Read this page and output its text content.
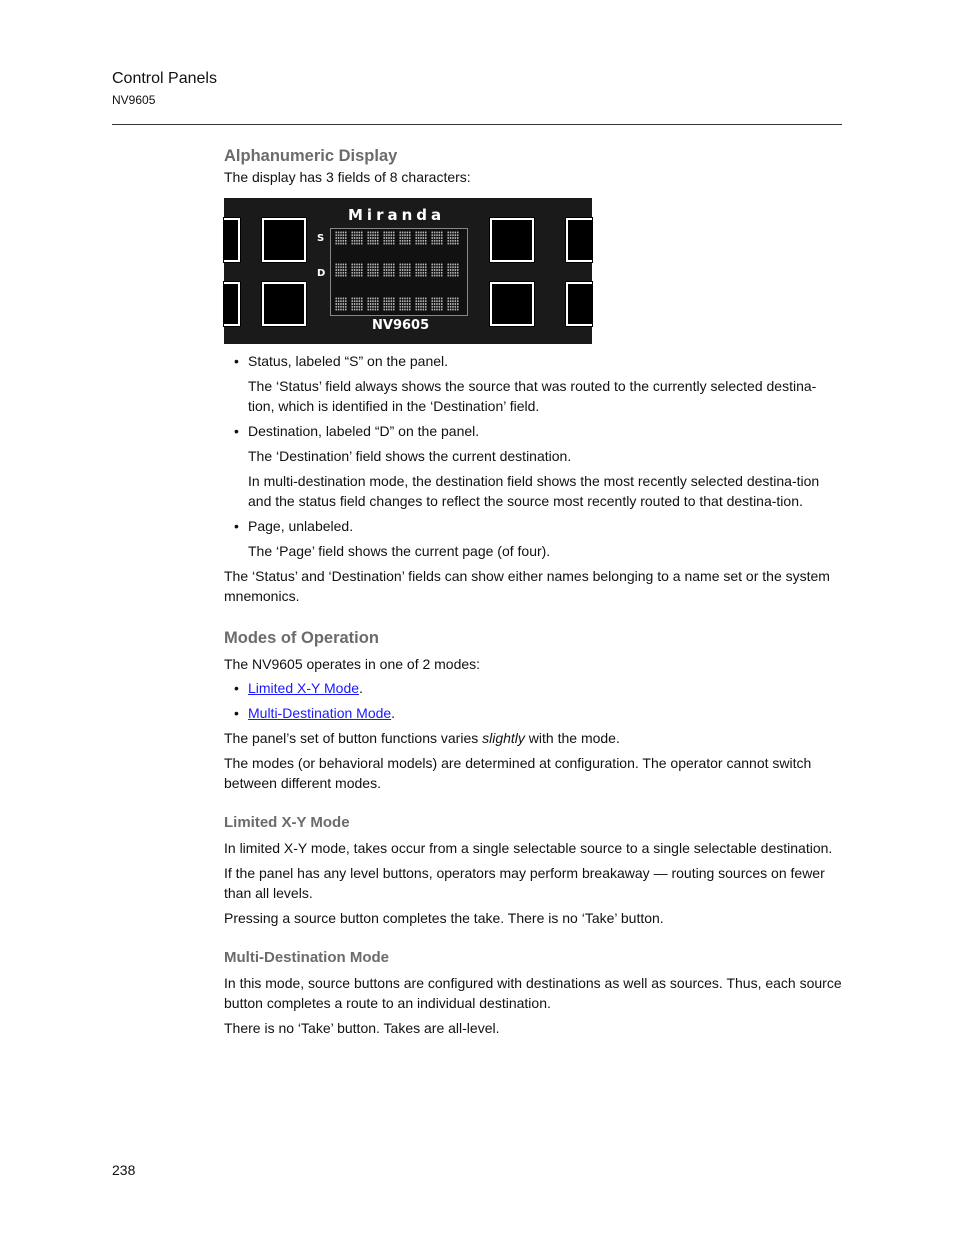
Control Panels
NV9605
Alphanumeric Display

The display has 3 fields of 8 characters:

Miranda
S
D
NV9605
• Status, labeled “S” on the panel.

The ‘Status’ field always shows the source that was routed to the currently selected destina-tion, which is identified in the ‘Destination’ field.

• Destination, labeled “D” on the panel.

The ‘Destination’ field shows the current destination.

In multi-destination mode, the destination field shows the most recently selected destina-tion and the status field changes to reflect the source most recently routed to that destina-tion.

• Page, unlabeled.

The ‘Page’ field shows the current page (of four).

The ‘Status’ and ‘Destination’ fields can show either names belonging to a name set or the system mnemonics.

Modes of Operation

The NV9605 operates in one of 2 modes:

• Limited X-Y Mode.
• Multi-Destination Mode.

The panel’s set of button functions varies slightly with the mode.

The modes (or behavioral models) are determined at configuration. The operator cannot switch between different modes.

Limited X-Y Mode

In limited X-Y mode, takes occur from a single selectable source to a single selectable destination.

If the panel has any level buttons, operators may perform breakaway — routing sources on fewer than all levels.

Pressing a source button completes the take. There is no ‘Take’ button.

Multi-Destination Mode

In this mode, source buttons are configured with destinations as well as sources. Thus, each source button completes a route to an individual destination.

There is no ‘Take’ button. Takes are all-level.

238
